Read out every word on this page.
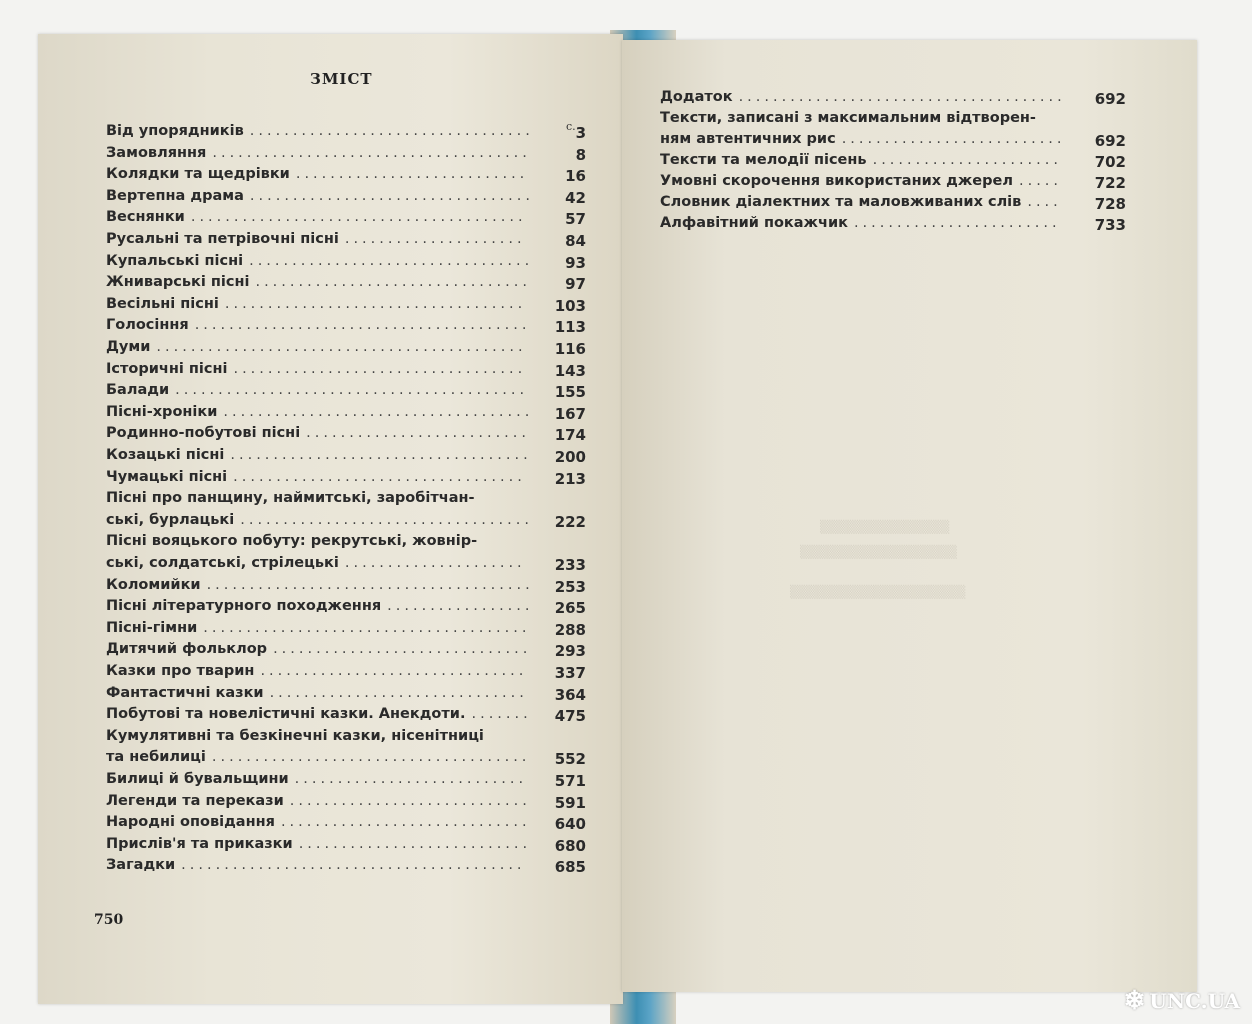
▒▒▒▒▒▒▒▒▒▒▒▒▒▒
▒▒▒▒▒▒▒▒▒▒▒▒▒▒▒▒▒
▒▒▒▒▒▒▒▒▒▒▒▒▒▒▒▒▒▒▒
ЗМІСТ
с. 3
Від упорядників .................................
8
Замовляння .....................................
16
Колядки та щедрівки ...........................
42
Вертепна драма .................................
57
Веснянки .......................................
84
Русальні та петрівочні пісні .....................
93
Купальські пісні .................................
97
Жниварські пісні ................................
103
Весільні пісні ...................................
113
Голосіння .......................................
116
Думи ...........................................
143
Історичні пісні ..................................
155
Балади .........................................
167
Пісні-хроніки ....................................
174
Родинно-побутові пісні ..........................
200
Козацькі пісні ...................................
213
Чумацькі пісні ..................................
Пісні про панщину, наймитські, заробітчан-
222
ські, бурлацькі ..................................
Пісні вояцького побуту: рекрутські, жовнір-
233
ські, солдатські, стрілецькі .....................
253
Коломийки ......................................
265
Пісні літературного походження .................
288
Пісні-гімни ......................................
293
Дитячий фольклор ..............................
337
Казки про тварин ...............................
364
Фантастичні казки ..............................
475
Побутові та новелістичні казки. Анекдоти. .......
Кумулятивні та безкінечні казки, нісенітниці
552
та небилиці .....................................
571
Билиці й бувальщини ...........................
591
Легенди та перекази ............................
640
Народні оповідання .............................
680
Прислів'я та приказки ...........................
685
Загадки ........................................
692
Додаток ......................................
Тексти, записані з максимальним відтворен-
692
ням автентичних рис ..........................
702
Тексти та мелодії пісень ......................
722
Умовні скорочення використаних джерел .....
728
Словник діалектних та маловживаних слів ....
733
Алфавітний покажчик ........................
750
❄ UNC.UA
